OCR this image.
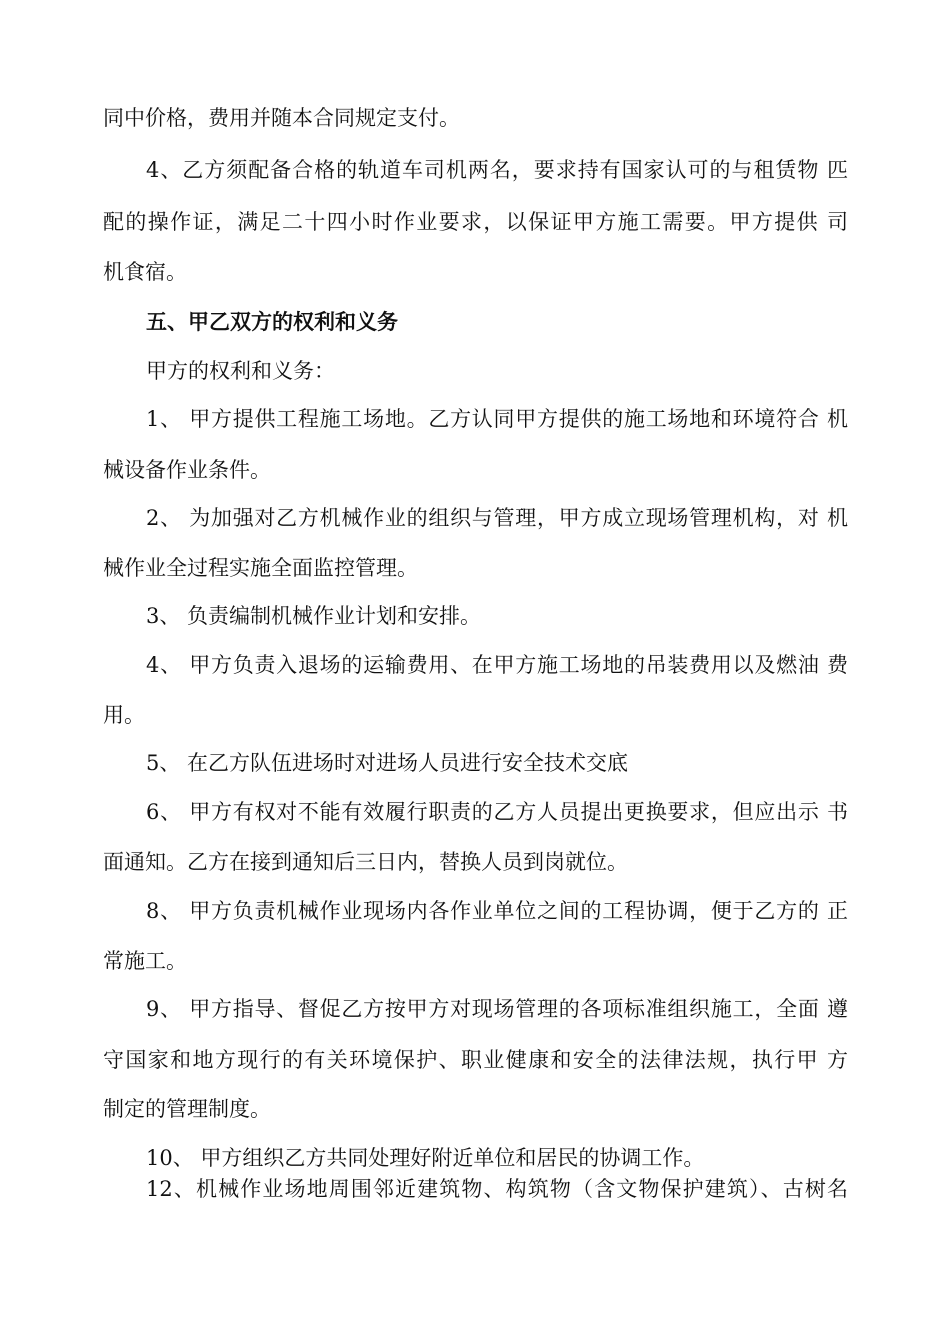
同中价格，费用并随本合同规定支付。
4、乙方须配备合格的轨道车司机两名，要求持有国家认可的与租赁物 匹
配的操作证，满足二十四小时作业要求，以保证甲方施工需要。甲方提供 司
机食宿。
五、甲乙双方的权利和义务
甲方的权利和义务：
1、 甲方提供工程施工场地。乙方认同甲方提供的施工场地和环境符合 机
械设备作业条件。
2、 为加强对乙方机械作业的组织与管理，甲方成立现场管理机构，对 机
械作业全过程实施全面监控管理。
3、 负责编制机械作业计划和安排。
4、 甲方负责入退场的运输费用、在甲方施工场地的吊装费用以及燃油 费
用。
5、 在乙方队伍进场时对进场人员进行安全技术交底
6、 甲方有权对不能有效履行职责的乙方人员提出更换要求，但应出示 书
面通知。乙方在接到通知后三日内，替换人员到岗就位。
8、 甲方负责机械作业现场内各作业单位之间的工程协调，便于乙方的 正
常施工。
9、 甲方指导、督促乙方按甲方对现场管理的各项标准组织施工，全面 遵
守国家和地方现行的有关环境保护、职业健康和安全的法律法规，执行甲 方
制定的管理制度。
10、 甲方组织乙方共同处理好附近单位和居民的协调工作。
12、机械作业场地周围邻近建筑物、构筑物（含文物保护建筑）、古树名
